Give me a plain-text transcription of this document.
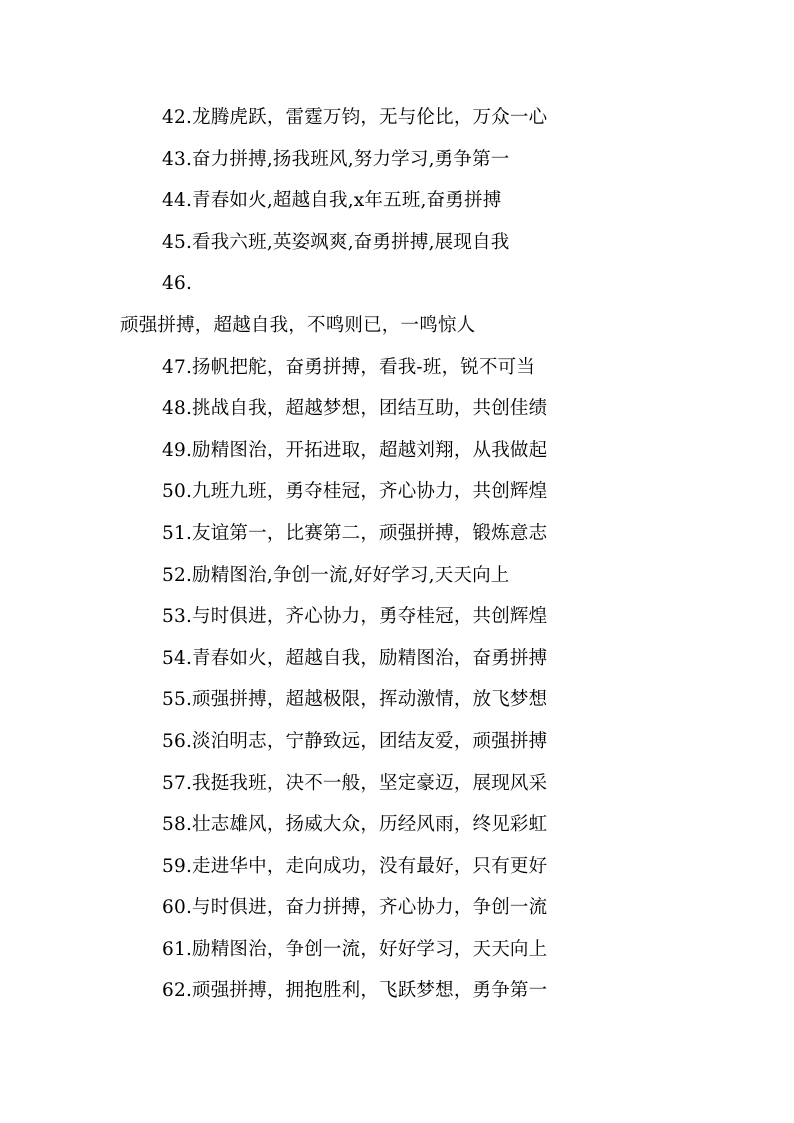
42.龙腾虎跃，雷霆万钧，无与伦比，万众一心
43.奋力拼搏,扬我班风,努力学习,勇争第一
44.青春如火,超越自我,x年五班,奋勇拼搏
45.看我六班,英姿飒爽,奋勇拼搏,展现自我
46.
顽强拼搏，超越自我，不鸣则已，一鸣惊人
47.扬帆把舵，奋勇拼搏，看我-班，锐不可当
48.挑战自我，超越梦想，团结互助，共创佳绩
49.励精图治，开拓进取，超越刘翔，从我做起
50.九班九班，勇夺桂冠，齐心协力，共创辉煌
51.友谊第一，比赛第二，顽强拼搏，锻炼意志
52.励精图治,争创一流,好好学习,天天向上
53.与时俱进，齐心协力，勇夺桂冠，共创辉煌
54.青春如火，超越自我，励精图治，奋勇拼搏
55.顽强拼搏，超越极限，挥动激情，放飞梦想
56.淡泊明志，宁静致远，团结友爱，顽强拼搏
57.我挺我班，决不一般，坚定豪迈，展现风采
58.壮志雄风，扬威大众，历经风雨，终见彩虹
59.走进华中，走向成功，没有最好，只有更好
60.与时俱进，奋力拼搏，齐心协力，争创一流
61.励精图治，争创一流，好好学习，天天向上
62.顽强拼搏，拥抱胜利，飞跃梦想，勇争第一
